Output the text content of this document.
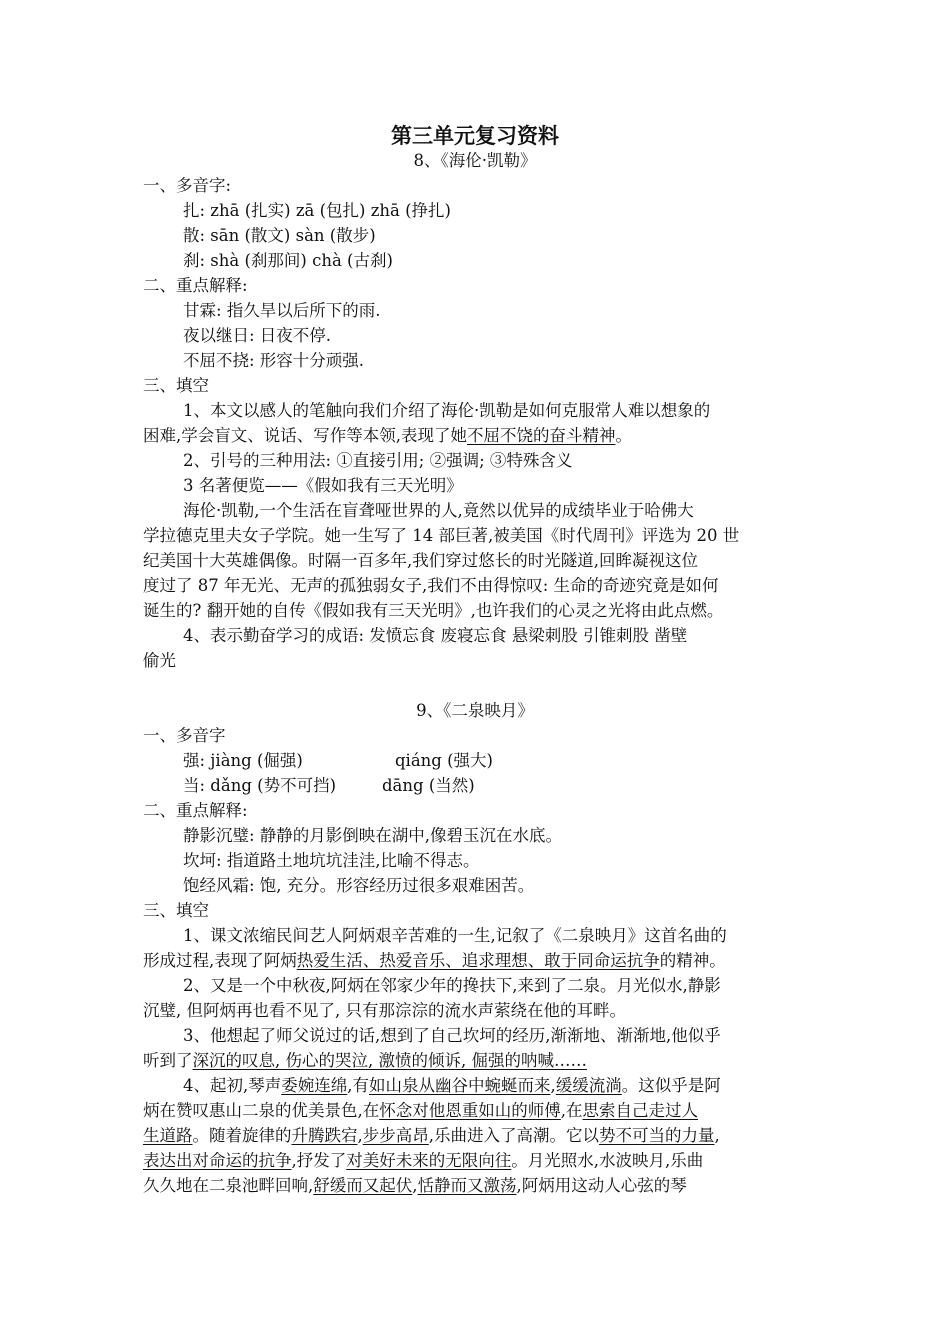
第三单元复习资料
8、《海伦·凯勒》
一、多音字:
扎: zhā (扎实) zā (包扎) zhā (挣扎)
散: sān (散文) sàn (散步)
刹: shà (刹那间) chà (古刹)
二、重点解释:
甘霖: 指久旱以后所下的雨.
夜以继日: 日夜不停.
不屈不挠: 形容十分顽强.
三、填空
1、本文以感人的笔触向我们介绍了海伦·凯勒是如何克服常人难以想象的
困难,学会盲文、说话、写作等本领,表现了她不屈不饶的奋斗精神。
2、引号的三种用法: ①直接引用; ②强调; ③特殊含义
3 名著便览——《假如我有三天光明》
海伦·凯勒,一个生活在盲聋哑世界的人,竟然以优异的成绩毕业于哈佛大
学拉德克里夫女子学院。她一生写了 14 部巨著,被美国《时代周刊》评选为 20 世
纪美国十大英雄偶像。时隔一百多年,我们穿过悠长的时光隧道,回眸凝视这位
度过了 87 年无光、无声的孤独弱女子,我们不由得惊叹: 生命的奇迹究竟是如何
诞生的? 翻开她的自传《假如我有三天光明》,也许我们的心灵之光将由此点燃。
4、表示勤奋学习的成语: 发愤忘食 废寝忘食 悬梁刺股 引锥刺股 凿壁
偷光
9、《二泉映月》
一、多音字
强: jiàng (倔强)	qiáng (强大)
当: dǎng (势不可挡)	dāng (当然)
二、重点解释:
静影沉璧: 静静的月影倒映在湖中,像碧玉沉在水底。
坎坷: 指道路土地坑坑洼洼,比喻不得志。
饱经风霜: 饱, 充分。形容经历过很多艰难困苦。
三、填空
1、课文浓缩民间艺人阿炳艰辛苦难的一生,记叙了《二泉映月》这首名曲的
形成过程,表现了阿炳热爱生活、热爱音乐、追求理想、敢于同命运抗争的精神。
2、又是一个中秋夜,阿炳在邻家少年的搀扶下,来到了二泉。月光似水,静影
沉璧, 但阿炳再也看不见了, 只有那淙淙的流水声萦绕在他的耳畔。
3、他想起了师父说过的话,想到了自己坎坷的经历,渐渐地、渐渐地,他似乎
听到了深沉的叹息, 伤心的哭泣, 激愤的倾诉, 倔强的呐喊……
4、起初,琴声委婉连绵,有如山泉从幽谷中蜿蜒而来,缓缓流淌。这似乎是阿
炳在赞叹惠山二泉的优美景色,在怀念对他恩重如山的师傅,在思索自己走过人
生道路。随着旋律的升腾跌宕,步步高昂,乐曲进入了高潮。它以势不可当的力量,
表达出对命运的抗争,抒发了对美好未来的无限向往。月光照水,水波映月,乐曲
久久地在二泉池畔回响,舒缓而又起伏,恬静而又激荡,阿炳用这动人心弦的琴
